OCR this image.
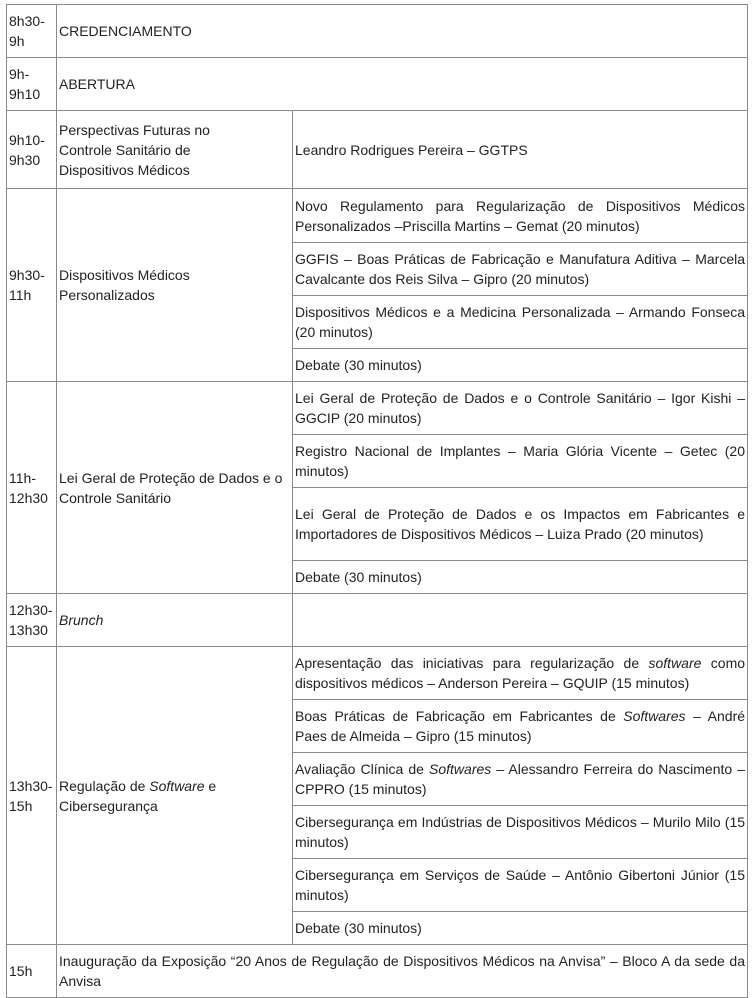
8h30-9h	CREDENCIAMENTO	
9h-9h10	ABERTURA	
9h10-9h30	Perspectivas Futuras no Controle Sanitário de Dispositivos Médicos	Leandro Rodrigues Pereira – GGTPS
9h30-11h	Dispositivos Médicos Personalizados	Novo Regulamento para Regularização de Dispositivos Médicos Personalizados –Priscilla Martins – Gemat (20 minutos)
		GGFIS – Boas Práticas de Fabricação e Manufatura Aditiva – Marcela Cavalcante dos Reis Silva – Gipro (20 minutos)
		Dispositivos Médicos e a Medicina Personalizada – Armando Fonseca (20 minutos)
		Debate (30 minutos)
11h-12h30	Lei Geral de Proteção de Dados e o Controle Sanitário	Lei Geral de Proteção de Dados e o Controle Sanitário – Igor Kishi – GGCIP (20 minutos)
		Registro Nacional de Implantes – Maria Glória Vicente – Getec (20 minutos)
		Lei Geral de Proteção de Dados e os Impactos em Fabricantes e Importadores de Dispositivos Médicos – Luiza Prado (20 minutos)
		Debate (30 minutos)
12h30-13h30	Brunch	
13h30-15h	Regulação de Software e Cibersegurança	Apresentação das iniciativas para regularização de software como dispositivos médicos – Anderson Pereira – GQUIP (15 minutos)
		Boas Práticas de Fabricação em Fabricantes de Softwares – André Paes de Almeida – Gipro (15 minutos)
		Avaliação Clínica de Softwares – Alessandro Ferreira do Nascimento – CPPRO (15 minutos)
		Cibersegurança em Indústrias de Dispositivos Médicos – Murilo Milo (15 minutos)
		Cibersegurança em Serviços de Saúde – Antônio Gibertoni Júnior (15 minutos)
		Debate (30 minutos)
15h	Inauguração da Exposição “20 Anos de Regulação de Dispositivos Médicos na Anvisa” – Bloco A da sede da Anvisa	
